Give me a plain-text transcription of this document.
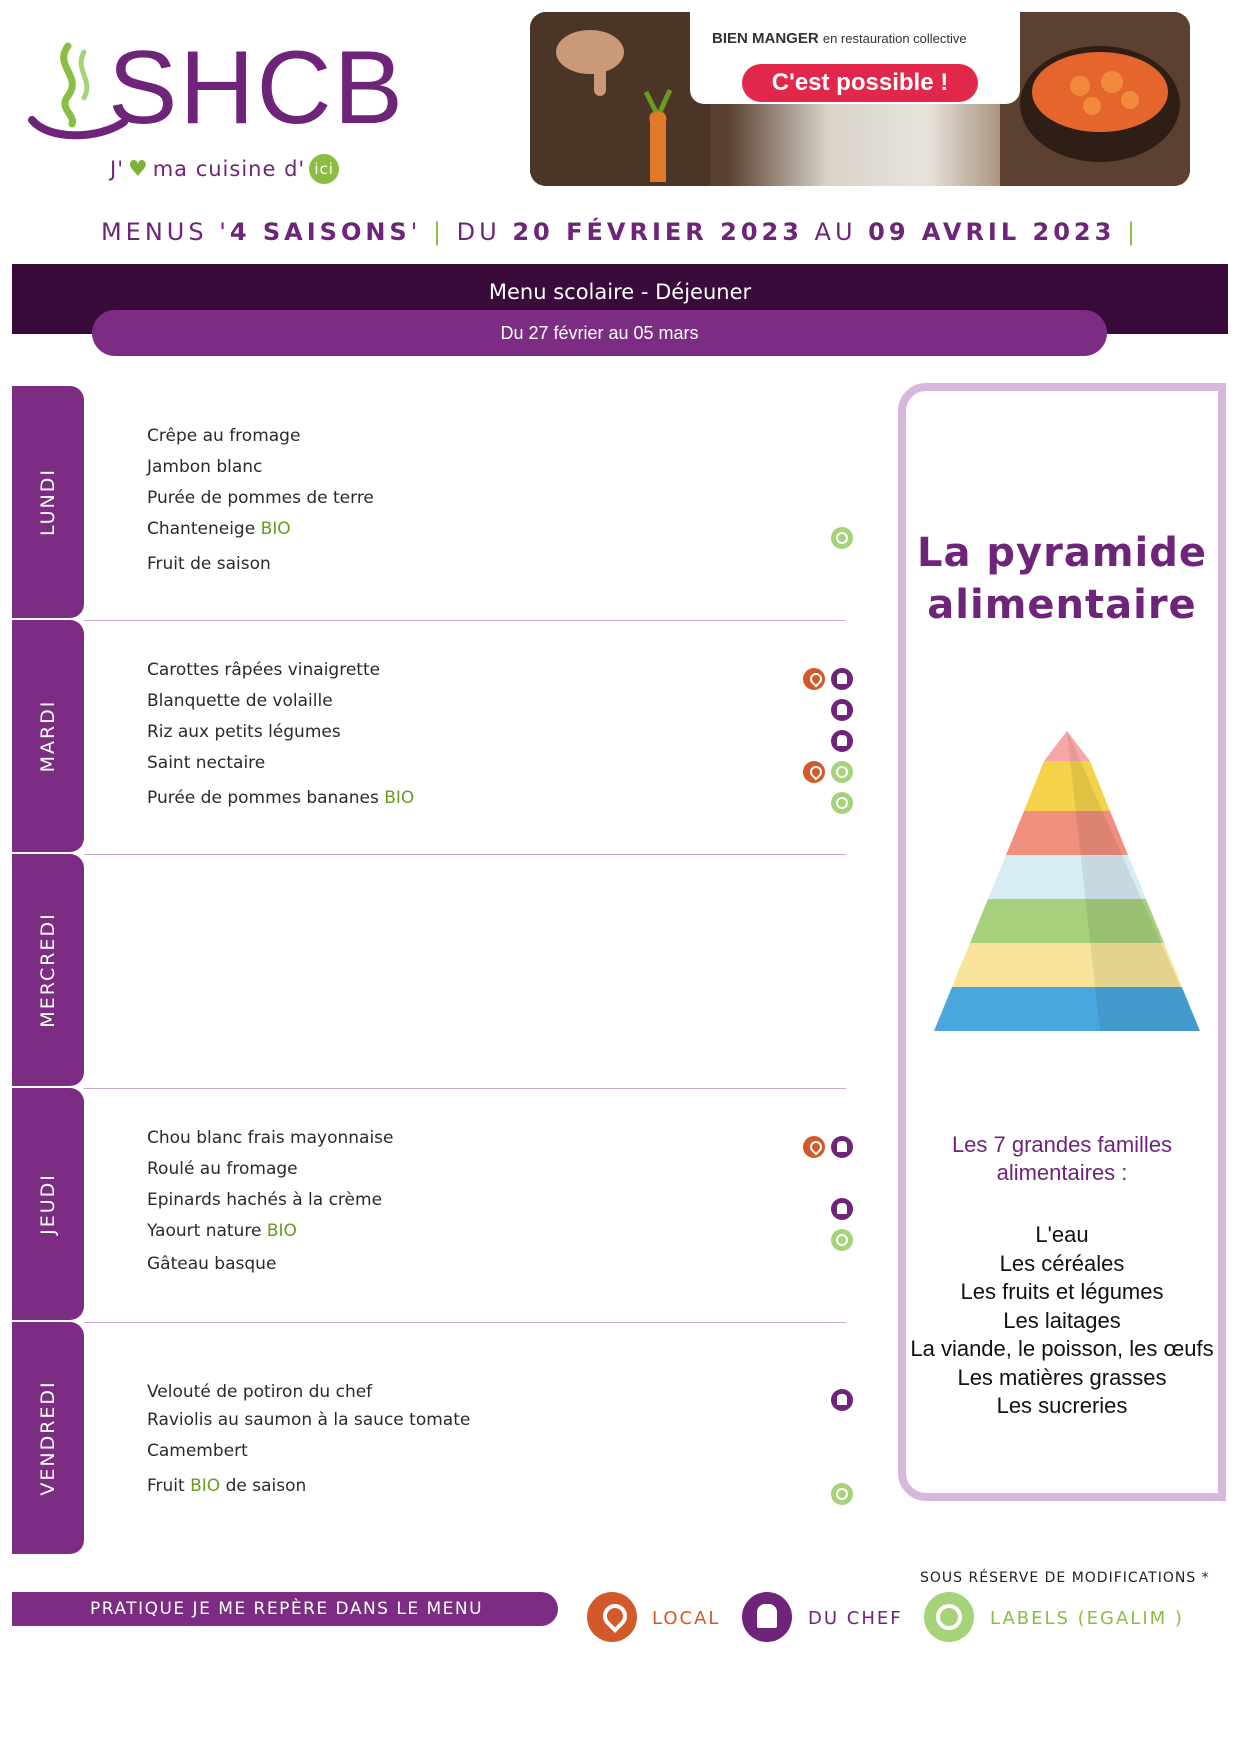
SHCB
J' ♥ ma cuisine d' ici
BIEN MANGER en restauration collective
C'est possible !
MENUS '4 SAISONS' | DU 20 FÉVRIER 2023 AU 09 AVRIL 2023 |
Menu scolaire - Déjeuner
Du 27 février au 05 mars
LUNDI
MARDI
MERCREDI
JEUDI
VENDREDI
Crêpe au fromage
Jambon blanc
Purée de pommes de terre
Chanteneige BIO
Fruit de saison
Carottes râpées vinaigrette
Blanquette de volaille
Riz aux petits légumes
Saint nectaire
Purée de pommes bananes BIO
Chou blanc frais mayonnaise
Roulé au fromage
Epinards hachés à la crème
Yaourt nature BIO
Gâteau basque
Velouté de potiron du chef
Raviolis au saumon à la sauce tomate
Camembert
Fruit BIO de saison
La pyramide
alimentaire
Les 7 grandes familles
alimentaires :
L'eau
Les céréales
Les fruits et légumes
Les laitages
La viande, le poisson, les œufs
Les matières grasses
Les sucreries
SOUS RÉSERVE DE MODIFICATIONS *
PRATIQUE JE ME REPÈRE DANS LE MENU	LOCAL	DU CHEF	LABELS (EGALIM )
